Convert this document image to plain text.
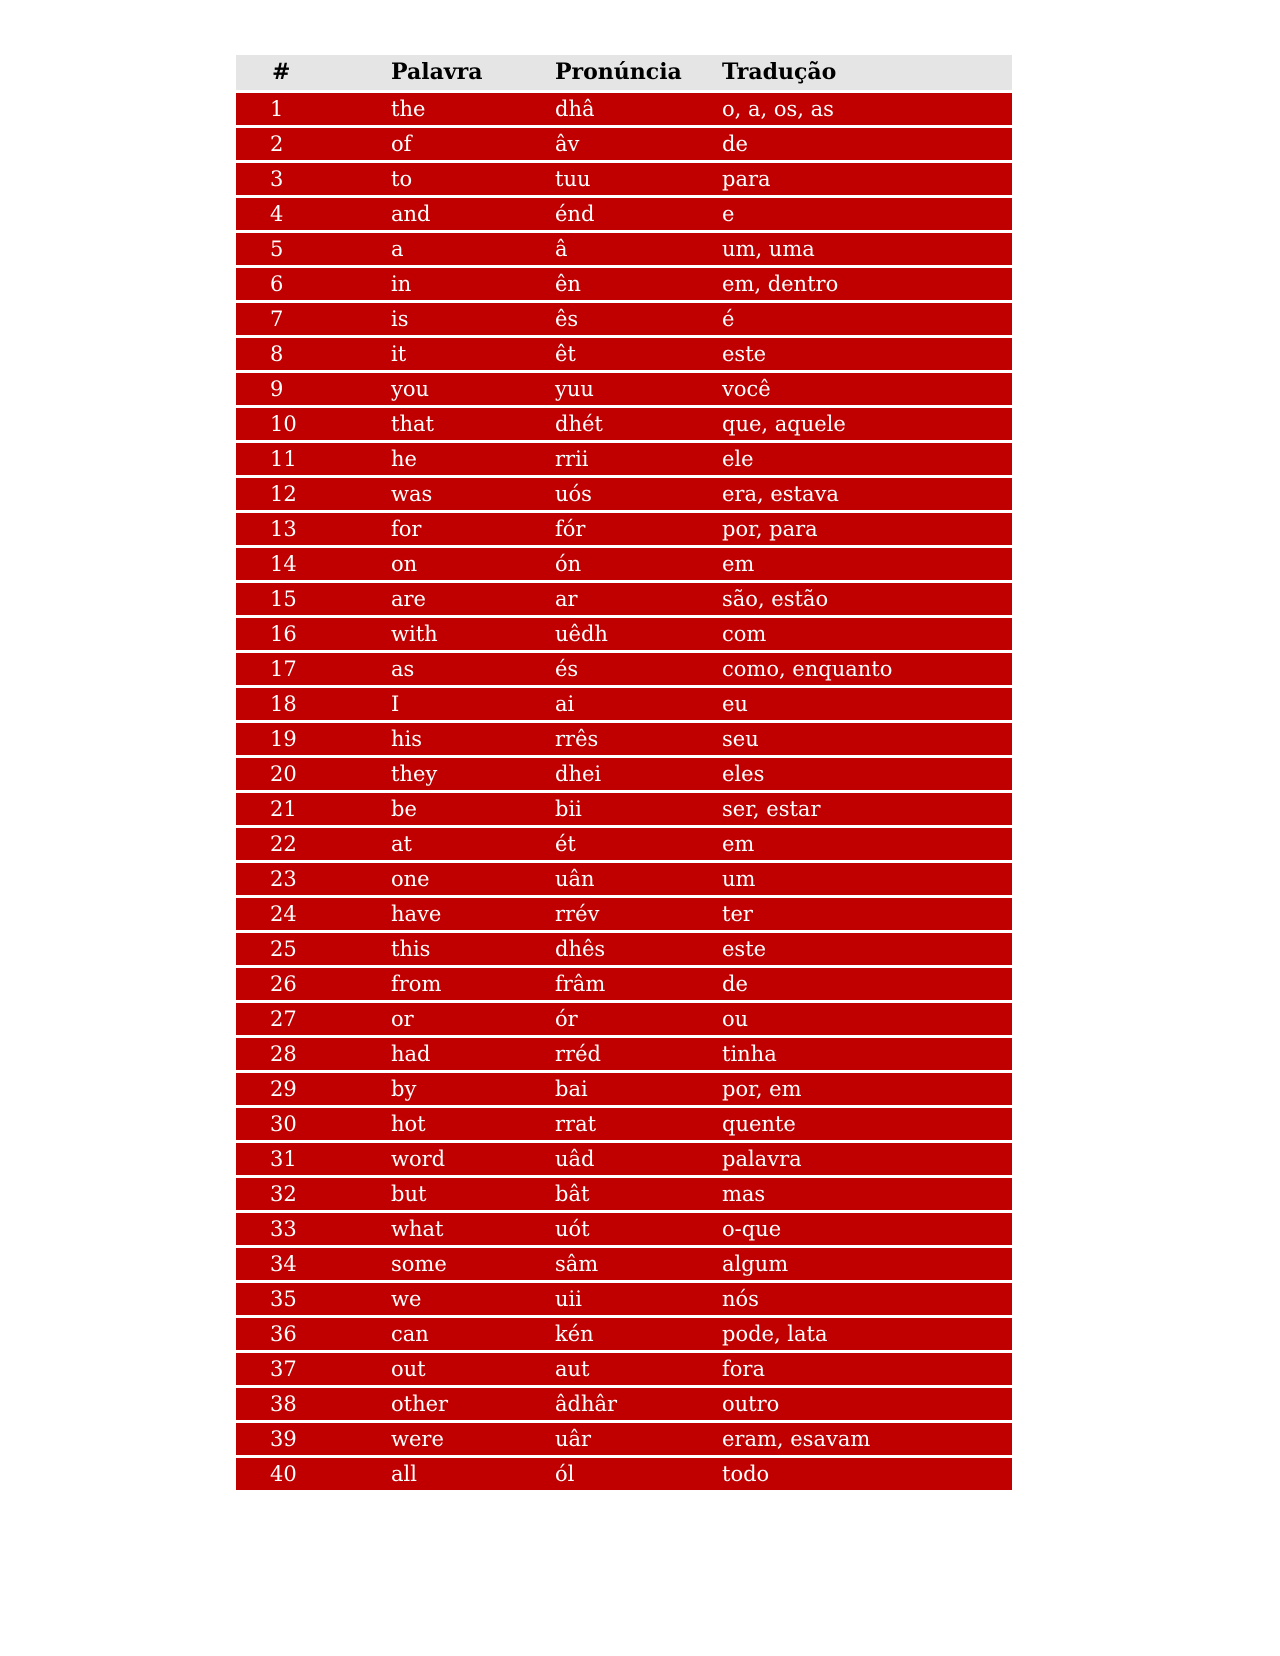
#	Palavra	Pronúncia	Tradução
1	the	dhâ	o, a, os, as
2	of	âv	de
3	to	tuu	para
4	and	énd	e
5	a	â	um, uma
6	in	ên	em, dentro
7	is	ês	é
8	it	êt	este
9	you	yuu	você
10	that	dhét	que, aquele
11	he	rrii	ele
12	was	uós	era, estava
13	for	fór	por, para
14	on	ón	em
15	are	ar	são, estão
16	with	uêdh	com
17	as	és	como, enquanto
18	I	ai	eu
19	his	rrês	seu
20	they	dhei	eles
21	be	bii	ser, estar
22	at	ét	em
23	one	uân	um
24	have	rrév	ter
25	this	dhês	este
26	from	frâm	de
27	or	ór	ou
28	had	rréd	tinha
29	by	bai	por, em
30	hot	rrat	quente
31	word	uâd	palavra
32	but	bât	mas
33	what	uót	o-que
34	some	sâm	algum
35	we	uii	nós
36	can	kén	pode, lata
37	out	aut	fora
38	other	âdhâr	outro
39	were	uâr	eram, esavam
40	all	ól	todo
